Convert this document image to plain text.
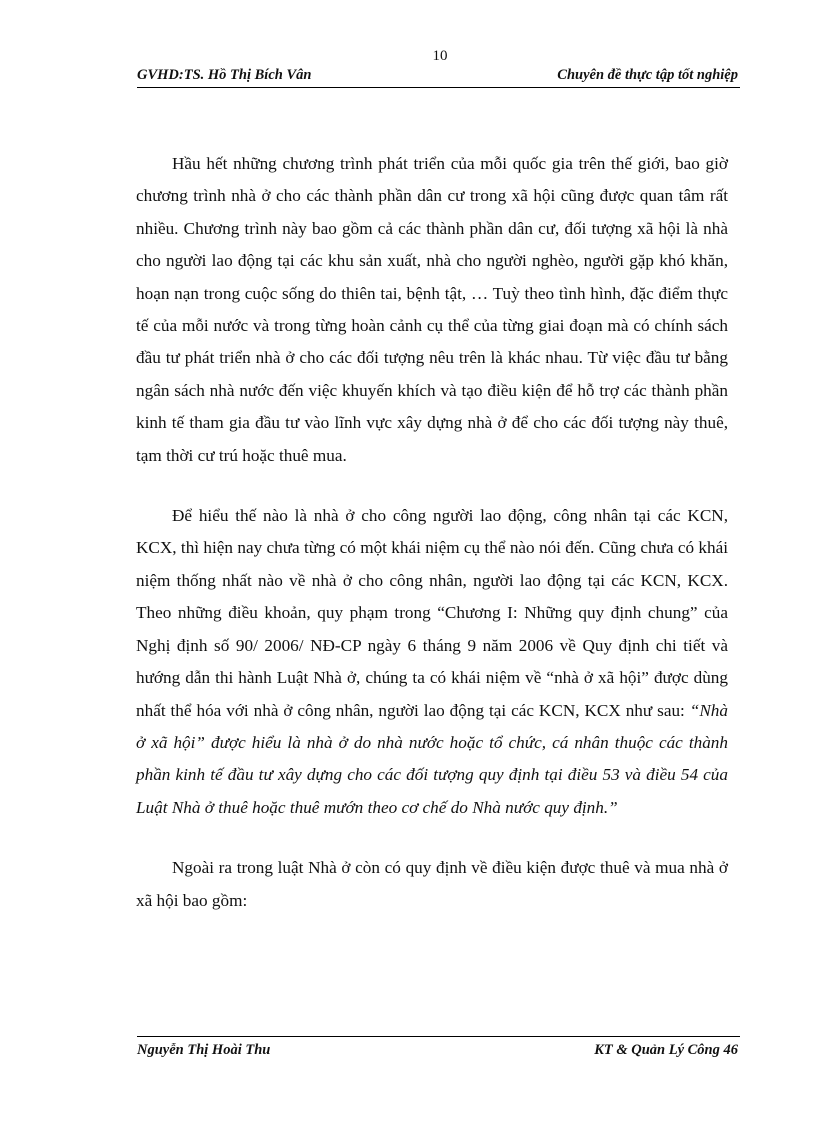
10
GVHD:TS. Hồ Thị Bích Vân	Chuyên đề thực tập tốt nghiệp

Hầu hết những chương trình phát triển của mỗi quốc gia trên thế giới, bao giờ chương trình nhà ở cho các thành phần dân cư trong xã hội cũng được quan tâm rất nhiều. Chương trình này bao gồm cả các thành phần dân cư, đối tượng xã hội là nhà cho người lao động tại các khu sản xuất, nhà cho người nghèo, người gặp khó khăn, hoạn nạn trong cuộc sống do thiên tai, bệnh tật, … Tuỳ theo tình hình, đặc điểm thực tế của mỗi nước và trong từng hoàn cảnh cụ thể của từng giai đoạn mà có chính sách đầu tư phát triển nhà ở cho các đối tượng nêu trên là khác nhau. Từ việc đầu tư bằng ngân sách nhà nước đến việc khuyến khích và tạo điều kiện để hỗ trợ các thành phần kinh tế tham gia đầu tư vào lĩnh vực xây dựng nhà ở để cho các đối tượng này thuê, tạm thời cư trú hoặc thuê mua.

Để hiểu thế nào là nhà ở cho công người lao động, công nhân tại các KCN, KCX, thì hiện nay chưa từng có một khái niệm cụ thể nào nói đến. Cũng chưa có khái niệm thống nhất nào về nhà ở cho công nhân, người lao động tại các KCN, KCX. Theo những điều khoản, quy phạm trong “Chương I: Những quy định chung” của Nghị định số 90/ 2006/ NĐ-CP ngày 6 tháng 9 năm 2006 về Quy định chi tiết và hướng dẫn thi hành Luật Nhà ở, chúng ta có khái niệm về “nhà ở xã hội” được dùng nhất thể hóa với nhà ở công nhân, người lao động tại các KCN, KCX như sau: “Nhà ở xã hội” được hiểu là nhà ở do nhà nước hoặc tổ chức, cá nhân thuộc các thành phần kinh tế đầu tư xây dựng cho các đối tượng quy định tại điều 53 và điều 54 của Luật Nhà ở thuê hoặc thuê mướn theo cơ chế do Nhà nước quy định.”

Ngoài ra trong luật Nhà ở còn có quy định về điều kiện được thuê và mua nhà ở xã hội bao gồm:

Nguyễn Thị Hoài Thu	KT & Quản Lý Công 46
